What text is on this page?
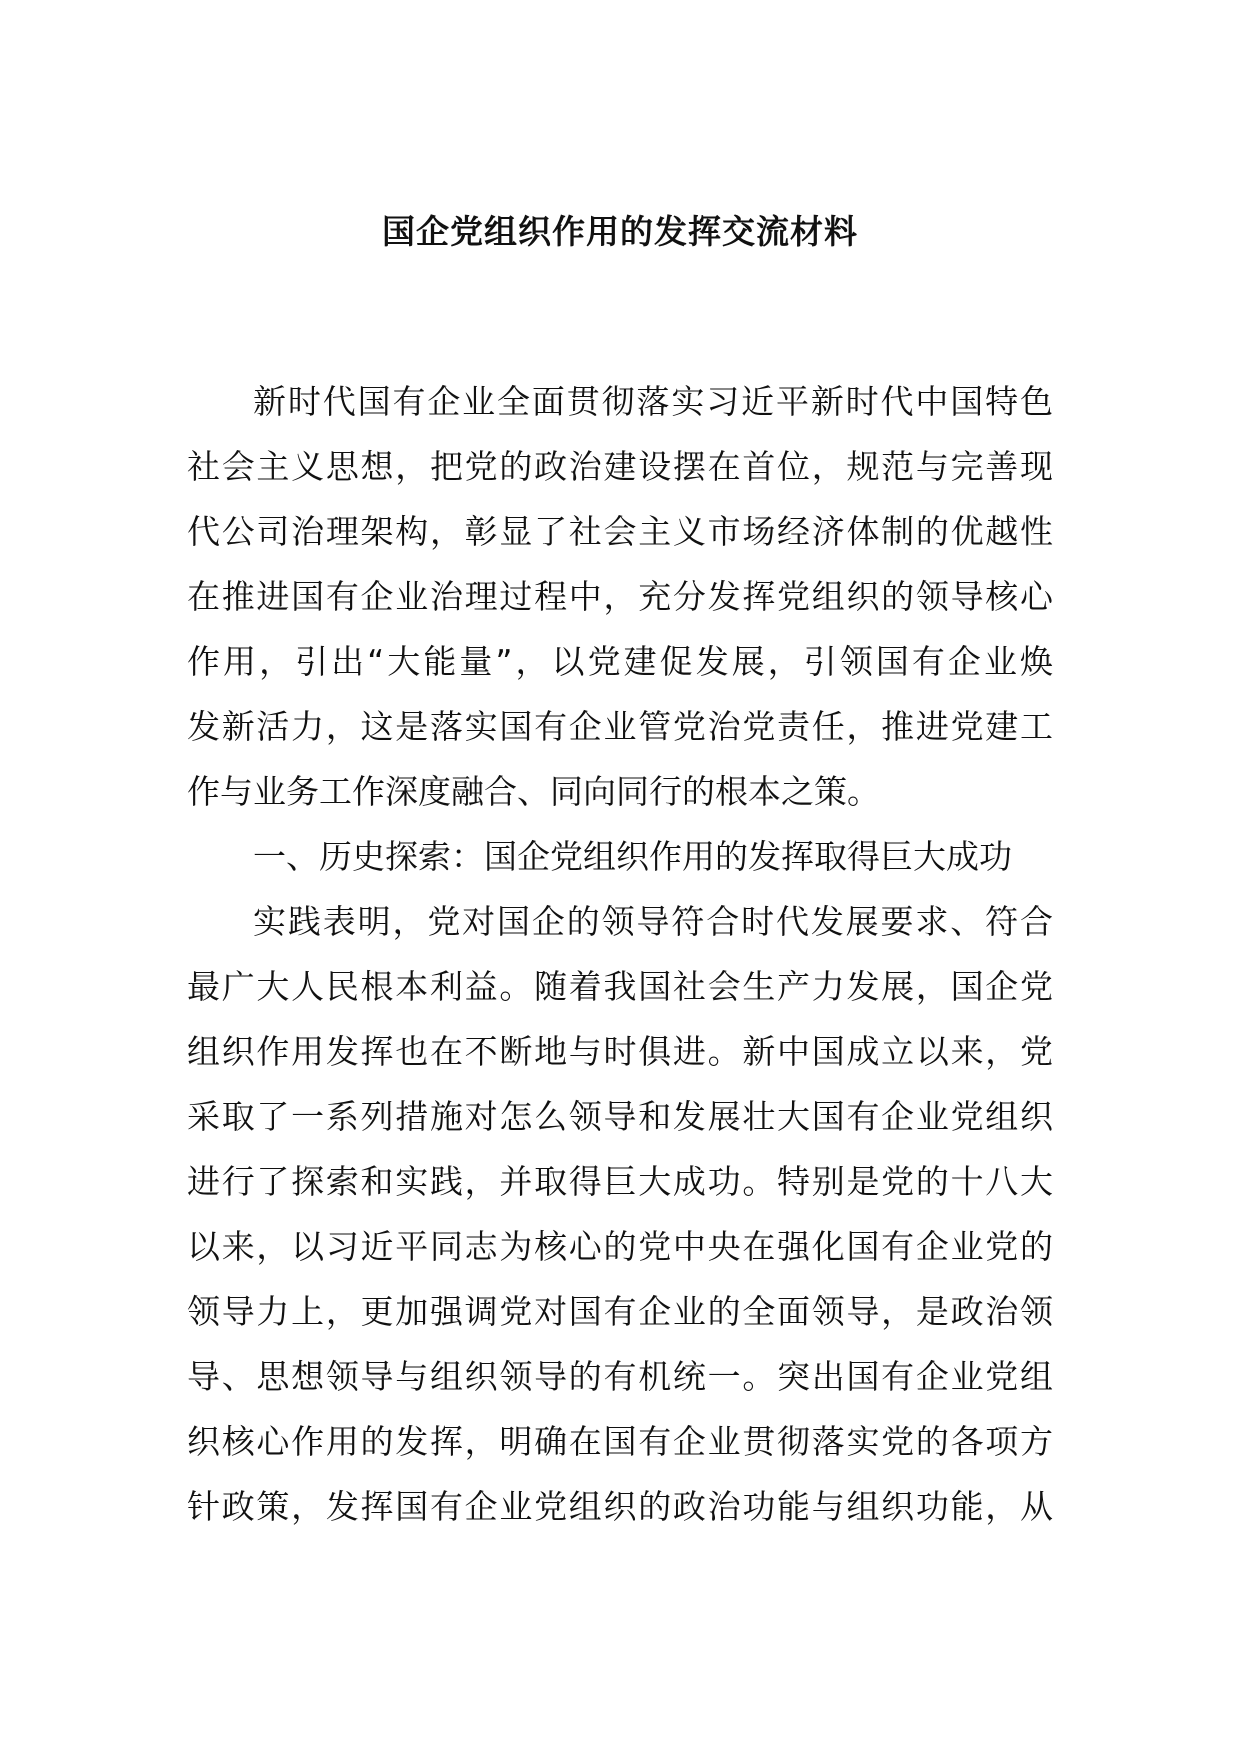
国企党组织作用的发挥交流材料
新时代国有企业全面贯彻落实习近平新时代中国特色
社会主义思想，把党的政治建设摆在首位，规范与完善现
代公司治理架构，彰显了社会主义市场经济体制的优越性
在推进国有企业治理过程中，充分发挥党组织的领导核心
作用，引出“大能量”，以党建促发展，引领国有企业焕
发新活力，这是落实国有企业管党治党责任，推进党建工
作与业务工作深度融合、同向同行的根本之策。
一、历史探索：国企党组织作用的发挥取得巨大成功
实践表明，党对国企的领导符合时代发展要求、符合
最广大人民根本利益。随着我国社会生产力发展，国企党
组织作用发挥也在不断地与时俱进。新中国成立以来，党
采取了一系列措施对怎么领导和发展壮大国有企业党组织
进行了探索和实践，并取得巨大成功。特别是党的十八大
以来，以习近平同志为核心的党中央在强化国有企业党的
领导力上，更加强调党对国有企业的全面领导，是政治领
导、思想领导与组织领导的有机统一。突出国有企业党组
织核心作用的发挥，明确在国有企业贯彻落实党的各项方
针政策，发挥国有企业党组织的政治功能与组织功能，从
